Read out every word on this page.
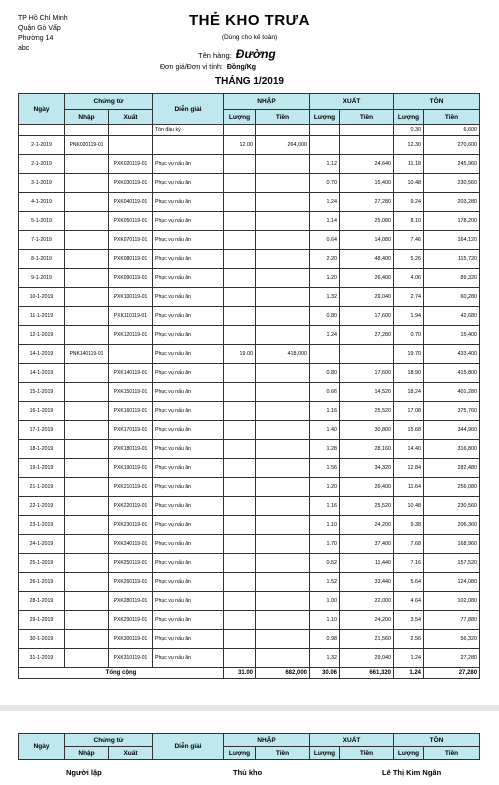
TP Hồ Chí Minh
Quận Gò Vấp
Phường 14
abc
THẺ KHO TRƯA
(Dùng cho kế toán)
Tên hàng: Đường
Đơn giá/Đơn vị tính: Đồng/Kg
THÁNG 1/2019
Ngày	Chứng từ		Diễn giải	NHẬP		XUẤT		TỒN	
	Nhập	Xuất		Lượng	Tiền	Lượng	Tiền	Lượng	Tiền
			Tồn đầu kỳ					0.30	6,600
2-1-2019	PNK020119-01			12.00	264,000			12.30	270,600
2-1-2019		PXK020119-01	Phục vụ nấu ăn			1.12	24,640	11.18	245,960
3-1-2019		PXK030119-01	Phục vụ nấu ăn			0.70	15,400	10.48	230,560
4-1-2019		PXK040119-01	Phục vụ nấu ăn			1.24	27,280	9.24	203,280
5-1-2019		PXK050119-01	Phục vụ nấu ăn			1.14	25,080	8.10	178,200
7-1-2019		PXK070119-01	Phục vụ nấu ăn			0.64	14,080	7.46	164,120
8-1-2019		PXK080119-01	Phục vụ nấu ăn			2.20	48,400	5.26	115,720
9-1-2019		PXK090119-01	Phục vụ nấu ăn			1.20	26,400	4.06	89,320
10-1-2019		PXK100119-01	Phục vụ nấu ăn			1.32	29,040	2.74	60,280
11-1-2019		PXK110119-01	Phục vụ nấu ăn			0.80	17,600	1.94	42,680
12-1-2019		PXK120119-01	Phục vụ nấu ăn			1.24	27,280	0.70	15,400
14-1-2019	PNK140119-01		Phục vụ nấu ăn	19.00	418,000			19.70	433,400
14-1-2019		PXK140119-01	Phục vụ nấu ăn			0.80	17,600	18.90	415,800
15-1-2019		PXK150119-01	Phục vụ nấu ăn			0.66	14,520	18.24	401,280
16-1-2019		PXK160119-01	Phục vụ nấu ăn			1.16	25,520	17.08	375,760
17-1-2019		PXK170119-01	Phục vụ nấu ăn			1.40	30,800	15.68	344,960
18-1-2019		PXK180119-01	Phục vụ nấu ăn			1.28	28,160	14.40	316,800
19-1-2019		PXK190119-01	Phục vụ nấu ăn			1.56	34,320	12.84	282,480
21-1-2019		PXK210119-01	Phục vụ nấu ăn			1.20	26,400	11.64	256,080
22-1-2019		PXK220119-01	Phục vụ nấu ăn			1.16	25,520	10.48	230,560
23-1-2019		PXK230119-01	Phục vụ nấu ăn			1.10	24,200	9.38	206,360
24-1-2019		PXK240119-01	Phục vụ nấu ăn			1.70	37,400	7.68	168,960
25-1-2019		PXK250119-01	Phục vụ nấu ăn			0.52	11,440	7.16	157,520
26-1-2019		PXK260119-01	Phục vụ nấu ăn			1.52	33,440	5.64	124,080
28-1-2019		PXK280119-01	Phục vụ nấu ăn			1.00	22,000	4.64	102,080
29-1-2019		PXK290119-01	Phục vụ nấu ăn			1.10	24,200	3.54	77,880
30-1-2019		PXK300119-01	Phục vụ nấu ăn			0.98	21,560	2.56	56,320
31-1-2019		PXK310119-01	Phục vụ nấu ăn			1.32	29,040	1.24	27,280
Tổng cộng				31.00	682,000	30.06	661,320	1.24	27,280
Ngày	Chứng từ		Diễn giải	NHẬP		XUẤT		TỒN	
	Nhập	Xuất		Lượng	Tiền	Lượng	Tiền	Lượng	Tiền
Người lập	Thủ kho	Lê Thị Kim Ngân
